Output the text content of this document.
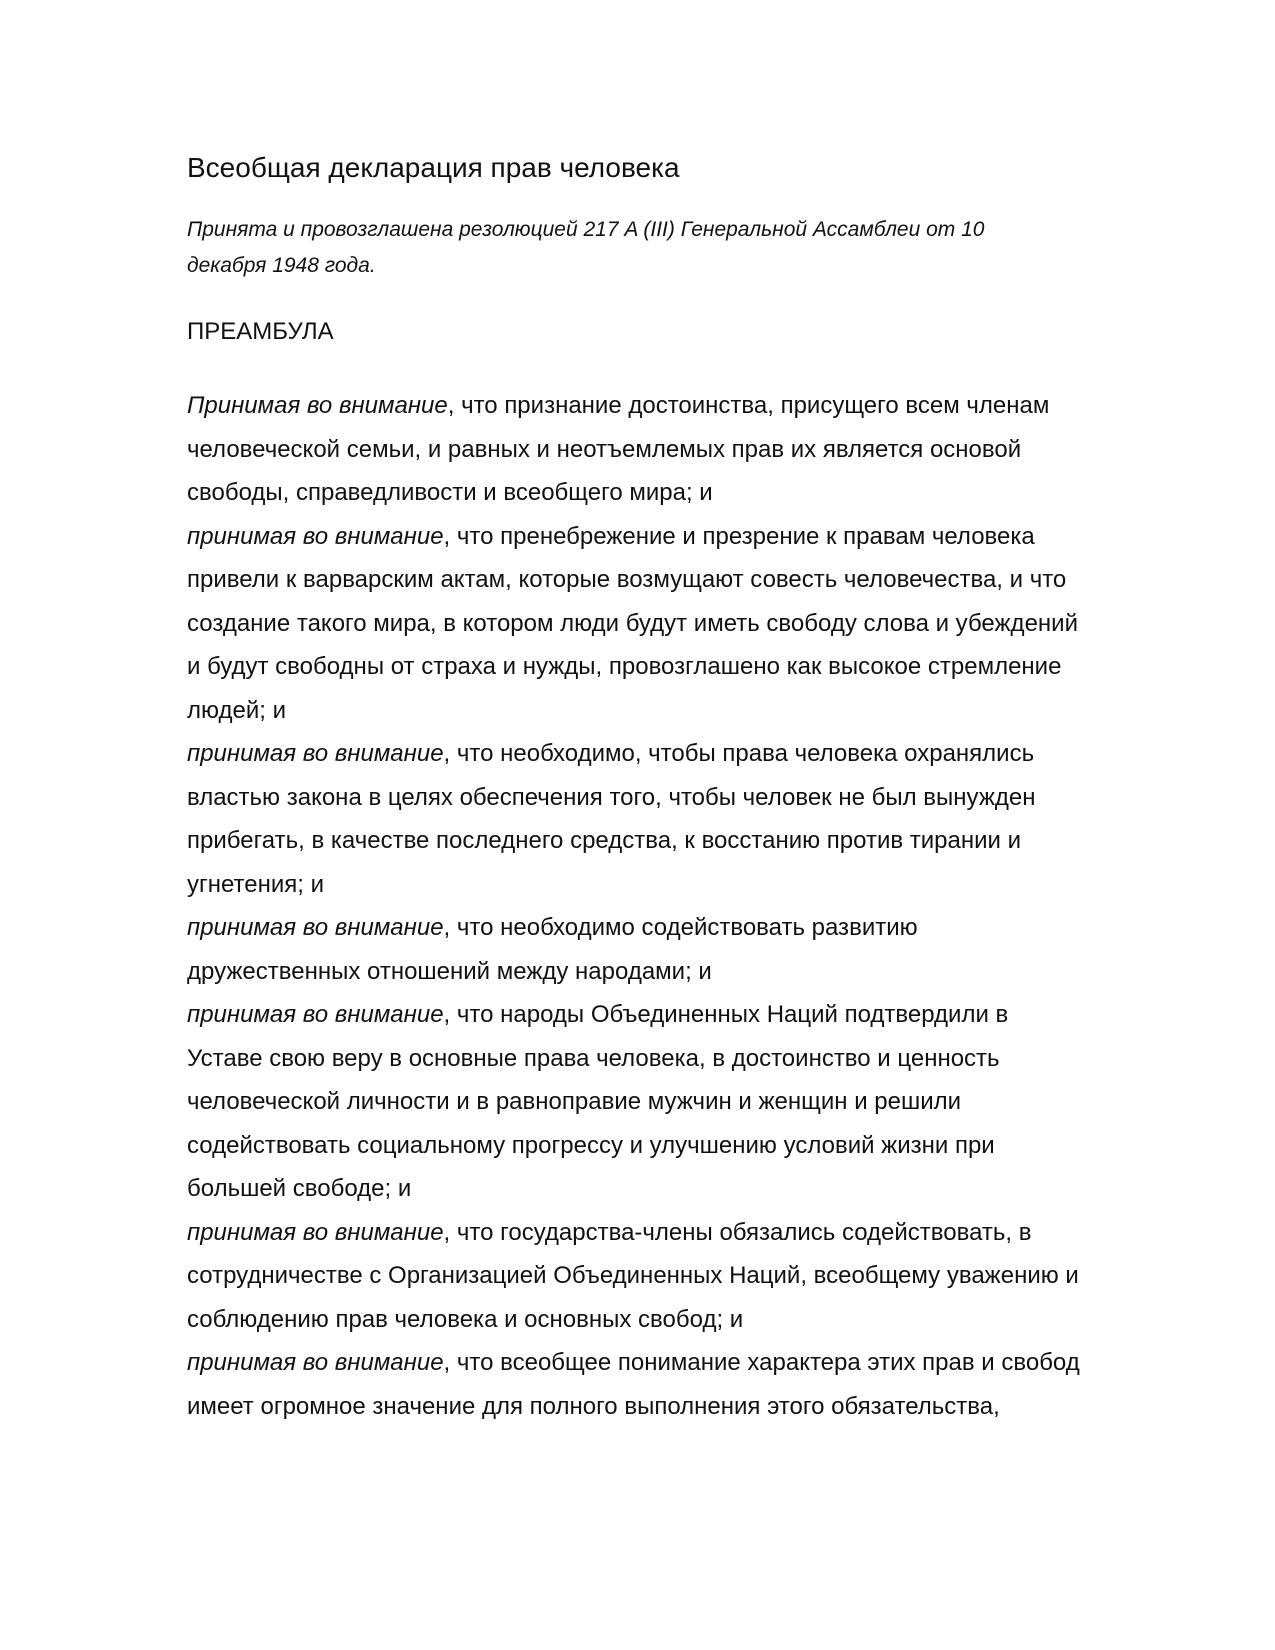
Всеобщая декларация прав человека

Принята и провозглашена резолюцией 217 A (III) Генеральной Ассамблеи от 10 декабря 1948 года.

ПРЕАМБУЛА

Принимая во внимание, что признание достоинства, присущего всем членам человеческой семьи, и равных и неотъемлемых прав их является основой свободы, справедливости и всеобщего мира; и

принимая во внимание, что пренебрежение и презрение к правам человека привели к варварским актам, которые возмущают совесть человечества, и что создание такого мира, в котором люди будут иметь свободу слова и убеждений и будут свободны от страха и нужды, провозглашено как высокое стремление людей; и

принимая во внимание, что необходимо, чтобы права человека охранялись властью закона в целях обеспечения того, чтобы человек не был вынужден прибегать, в качестве последнего средства, к восстанию против тирании и угнетения; и

принимая во внимание, что необходимо содействовать развитию дружественных отношений между народами; и

принимая во внимание, что народы Объединенных Наций подтвердили в Уставе свою веру в основные права человека, в достоинство и ценность человеческой личности и в равноправие мужчин и женщин и решили содействовать социальному прогрессу и улучшению условий жизни при большей свободе; и

принимая во внимание, что государства-члены обязались содействовать, в сотрудничестве с Организацией Объединенных Наций, всеобщему уважению и соблюдению прав человека и основных свобод; и

принимая во внимание, что всеобщее понимание характера этих прав и свобод имеет огромное значение для полного выполнения этого обязательства,
